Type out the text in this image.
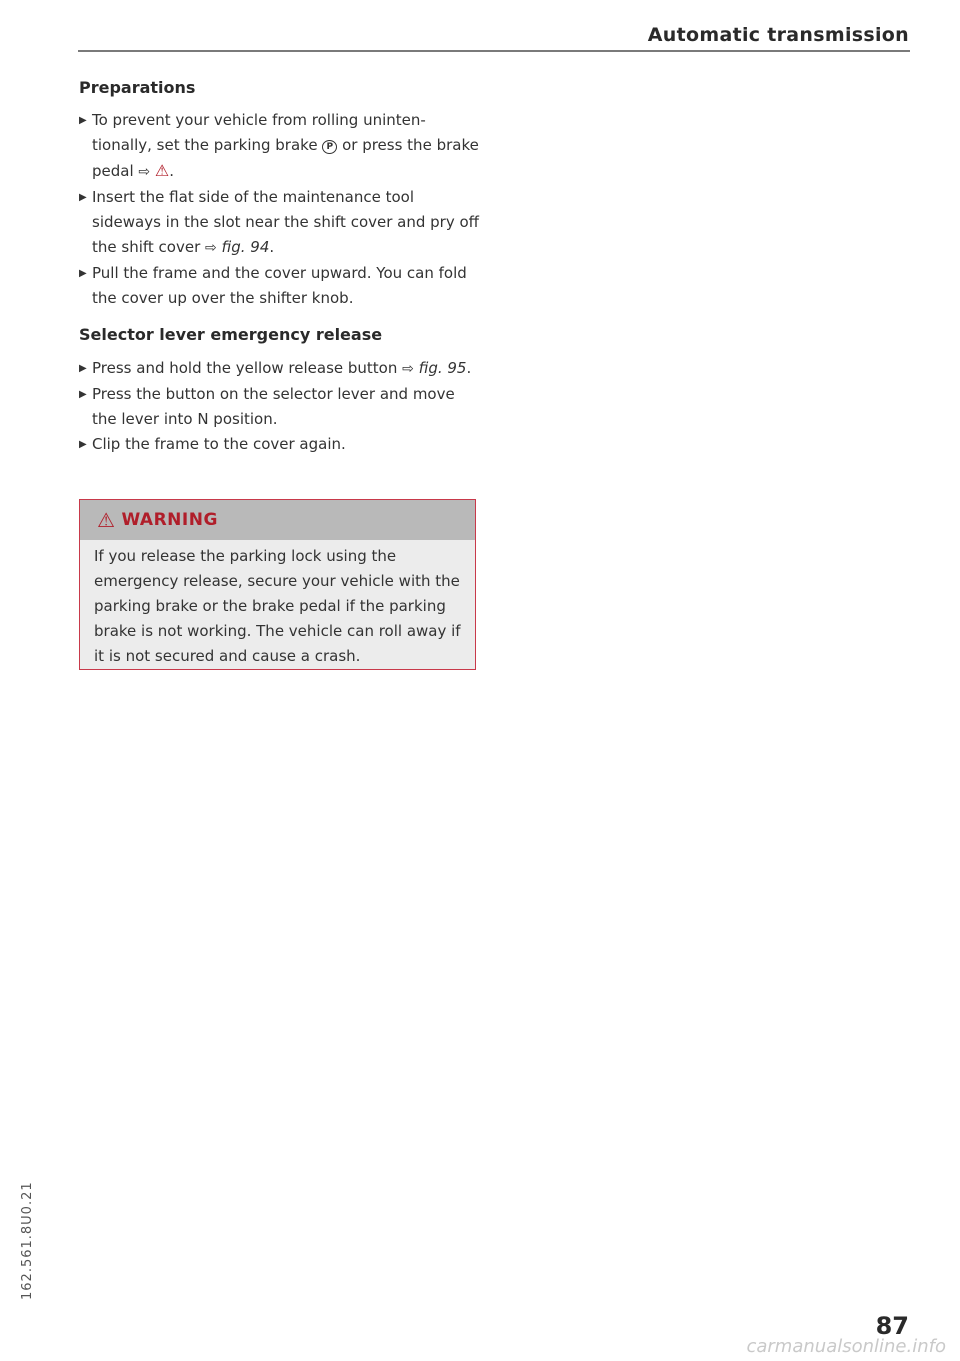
Automatic transmission
Preparations
▶ To prevent your vehicle from rolling unintentionally, set the parking brake P or press the brake pedal ⇨ ⚠.
▶ Insert the flat side of the maintenance tool sideways in the slot near the shift cover and pry off the shift cover ⇨ fig. 94.
▶ Pull the frame and the cover upward. You can fold the cover up over the shifter knob.
Selector lever emergency release
▶ Press and hold the yellow release button ⇨ fig. 95.
▶ Press the button on the selector lever and move the lever into N position.
▶ Clip the frame to the cover again.
⚠ WARNING
If you release the parking lock using the emergency release, secure your vehicle with the parking brake or the brake pedal if the parking brake is not working. The vehicle can roll away if it is not secured and cause a crash.
162.561.8U0.21
87
carmanualsonline.info
